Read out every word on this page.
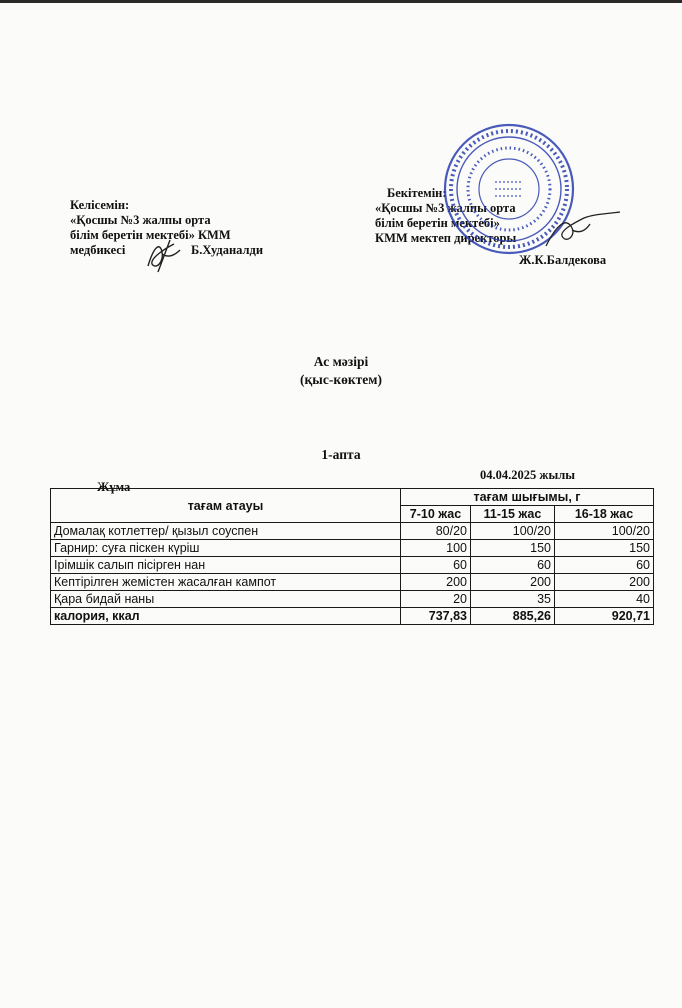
Келісемін:
«Қосшы №3 жалпы орта
білім беретін мектебі» КММ
медбикесі	Б.Худаналди
Бекітемін:
«Қосшы №3 жалпы орта
білім беретін мектебі»
КММ мектеп директоры
Ж.К.Балдекова
Ас мәзірі
(қыс-көктем)
1-апта
Жұма
04.04.2025 жылы
тағам атауы	тағам шығымы, г		
	7-10 жас	11-15 жас	16-18 жас
Домалақ котлеттер/ қызыл соуспен	80/20	100/20	100/20
Гарнир: суға піскен күріш	100	150	150
Ірімшік салып пісірген нан	60	60	60
Кептірілген жемістен жасалған кампот	200	200	200
Қара бидай наны	20	35	40
калория, ккал	737,83	885,26	920,71
